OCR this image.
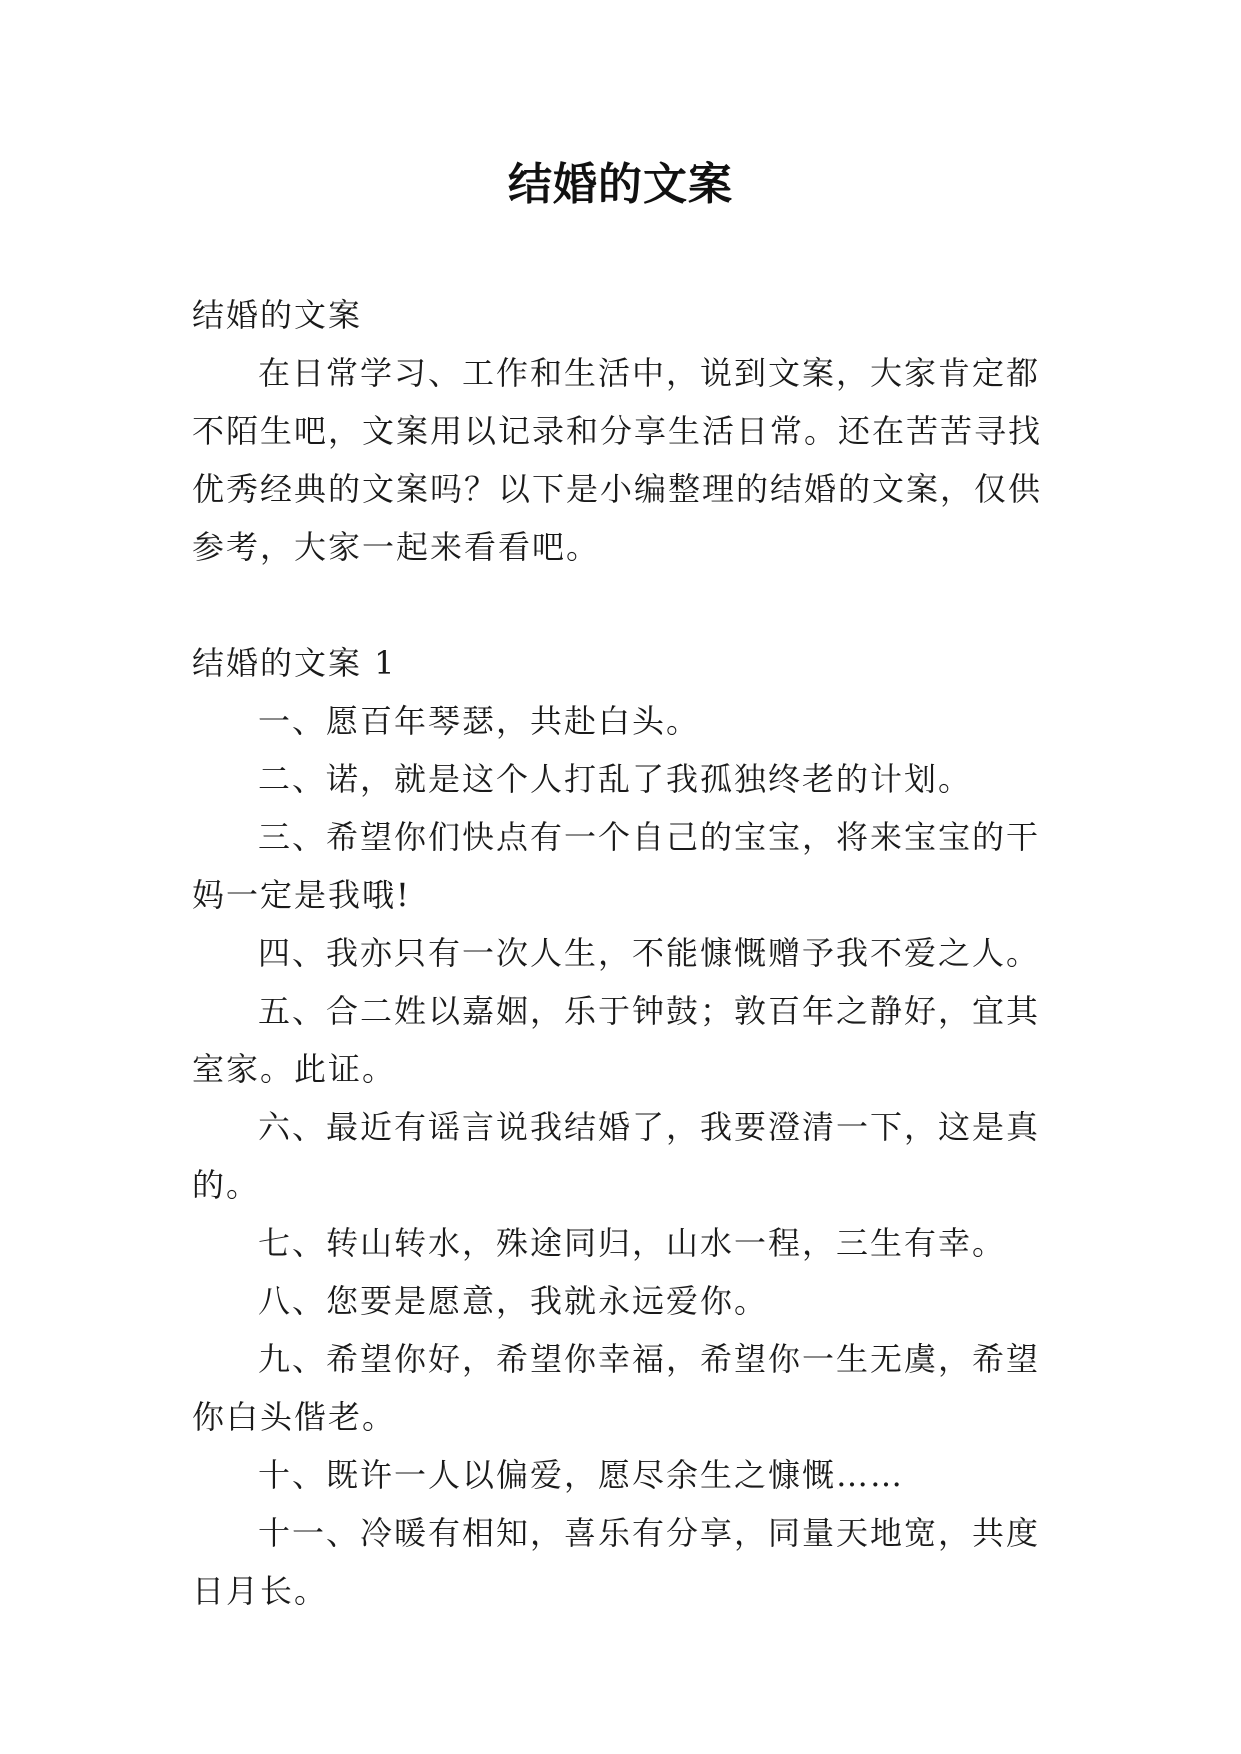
结婚的文案

结婚的文案

在日常学习、工作和生活中，说到文案，大家肯定都不陌生吧，文案用以记录和分享生活日常。还在苦苦寻找优秀经典的文案吗？以下是小编整理的结婚的文案，仅供参考，大家一起来看看吧。

结婚的文案 1

一、愿百年琴瑟，共赴白头。

二、诺，就是这个人打乱了我孤独终老的计划。

三、希望你们快点有一个自己的宝宝，将来宝宝的干妈一定是我哦!

四、我亦只有一次人生，不能慷慨赠予我不爱之人。

五、合二姓以嘉姻，乐于钟鼓；敦百年之静好，宜其室家。此证。

六、最近有谣言说我结婚了，我要澄清一下，这是真的。

七、转山转水，殊途同归，山水一程，三生有幸。

八、您要是愿意，我就永远爱你。

九、希望你好，希望你幸福，希望你一生无虞，希望你白头偕老。

十、既许一人以偏爱，愿尽余生之慷慨……

十一、冷暖有相知，喜乐有分享，同量天地宽，共度日月长。
